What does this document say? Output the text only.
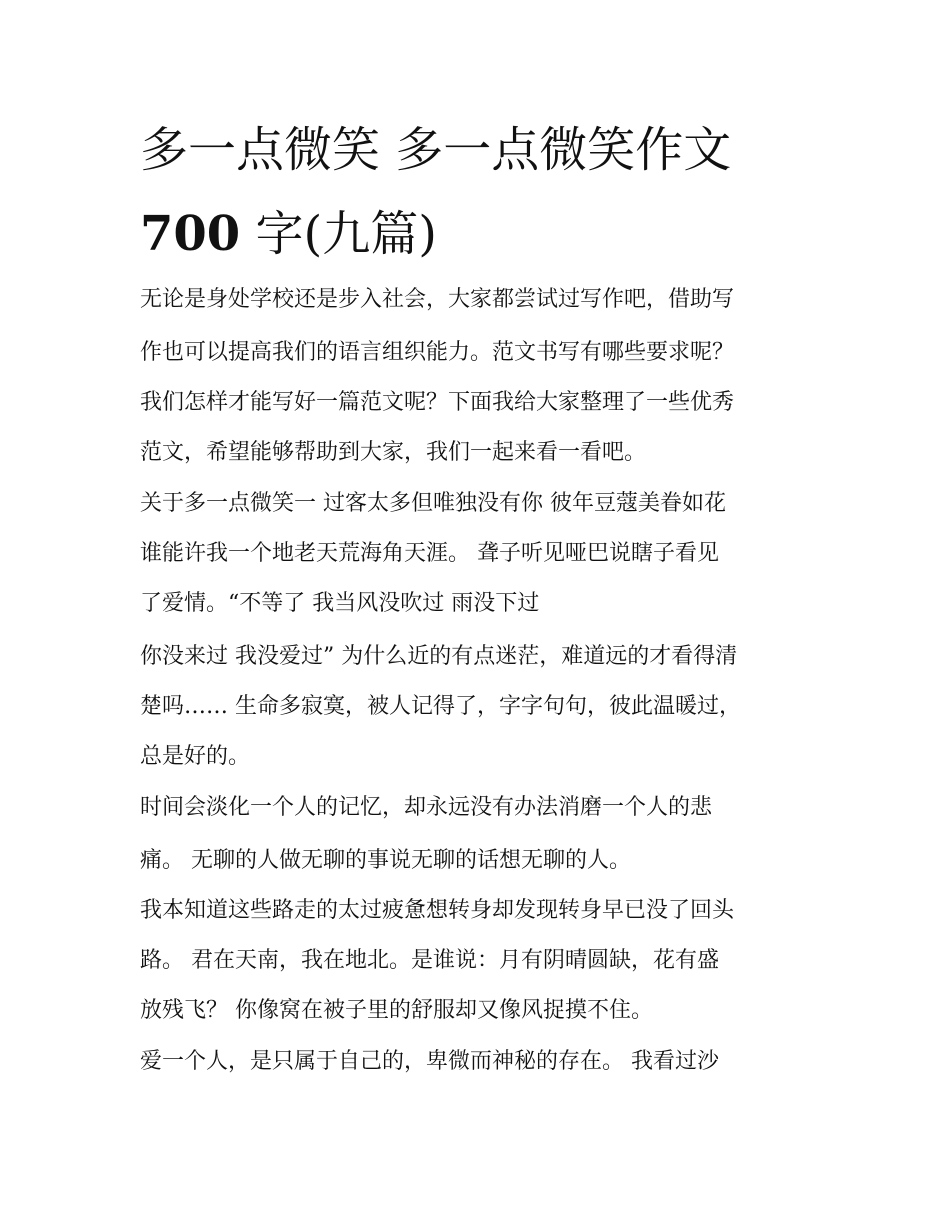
多一点微笑 多一点微笑作文
700 字(九篇)

无论是身处学校还是步入社会，大家都尝试过写作吧，借助写

作也可以提高我们的语言组织能力。范文书写有哪些要求呢？

我们怎样才能写好一篇范文呢？下面我给大家整理了一些优秀

范文，希望能够帮助到大家，我们一起来看一看吧。

关于多一点微笑一 过客太多但唯独没有你 彼年豆蔻美眷如花

谁能许我一个地老天荒海角天涯。 聋子听见哑巴说瞎子看见

了爱情。“不等了 我当风没吹过 雨没下过

你没来过 我没爱过” 为什么近的有点迷茫，难道远的才看得清

楚吗…… 生命多寂寞，被人记得了，字字句句，彼此温暖过，

总是好的。

时间会淡化一个人的记忆，却永远没有办法消磨一个人的悲

痛。 无聊的人做无聊的事说无聊的话想无聊的人。

我本知道这些路走的太过疲惫想转身却发现转身早已没了回头

路。 君在天南，我在地北。是谁说：月有阴晴圆缺，花有盛

放残飞？ 你像窝在被子里的舒服却又像风捉摸不住。

爱一个人，是只属于自己的，卑微而神秘的存在。 我看过沙
